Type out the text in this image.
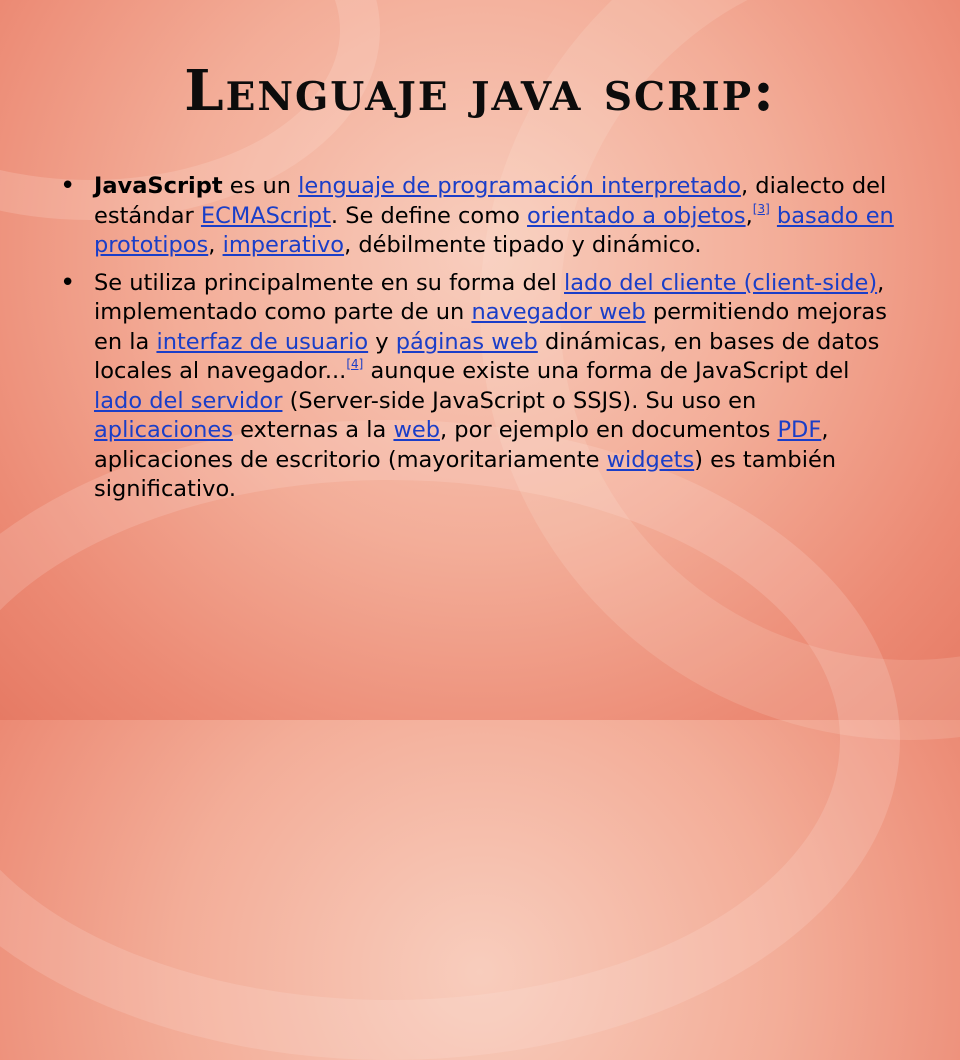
Lenguaje java scrip:
• JavaScript es un lenguaje de programación interpretado, dialecto del estándar ECMAScript. Se define como orientado a objetos,[3] basado en prototipos, imperativo, débilmente tipado y dinámico.
• Se utiliza principalmente en su forma del lado del cliente (client-side), implementado como parte de un navegador web permitiendo mejoras en la interfaz de usuario y páginas web dinámicas, en bases de datos locales al navegador...[4] aunque existe una forma de JavaScript del lado del servidor (Server-side JavaScript o SSJS). Su uso en aplicaciones externas a la web, por ejemplo en documentos PDF, aplicaciones de escritorio (mayoritariamente widgets) es también significativo.
